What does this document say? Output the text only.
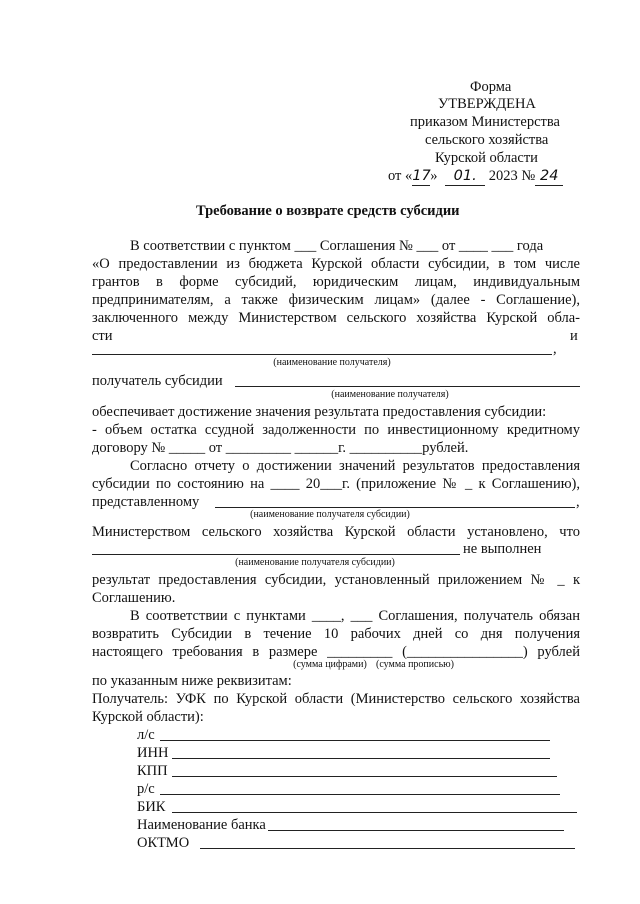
Форма
УТВЕРЖДЕНА
приказом Министерства
сельского хозяйства
Курской области
от «17» 01. 2023 № 24
Требование о возврате средств субсидии
В соответствии с пунктом ___ Соглашения № ___ от ____ ___ года
«О предоставлении из бюджета Курской области субсидии, в том числе
грантов в форме субсидий, юридическим лицам, индивидуальным
предпринимателям, а также физическим лицам» (далее - Соглашение),
заключенного между Министерством сельского хозяйства Курской обла-
сти	и
,
(наименование получателя)
получатель субсидии
(наименование получателя)
обеспечивает достижение значения результата предоставления субсидии:
- объем остатка ссудной задолженности по инвестиционному кредитному
договору № _____ от _________ ______г. __________рублей.
Согласно отчету о достижении значений результатов предоставления
субсидии по состоянию на ____ 20___г. (приложение № _ к Соглашению),
представленному	,
(наименование получателя субсидии)
Министерством сельского хозяйства Курской области установлено, что
не выполнен
(наименование получателя субсидии)
результат предоставления субсидии, установленный приложением № _ к
Соглашению.
В соответствии с пунктами ____, ___ Соглашения, получатель обязан
возвратить Субсидии в течение 10 рабочих дней со дня получения
настоящего требования в размере _________ (________________) рублей
(сумма цифрами) (сумма прописью)
по указанным ниже реквизитам:
Получатель: УФК по Курской области (Министерство сельского хозяйства
Курской области):
л/с
ИНН
КПП
р/с
БИК
Наименование банка
ОКТМО
